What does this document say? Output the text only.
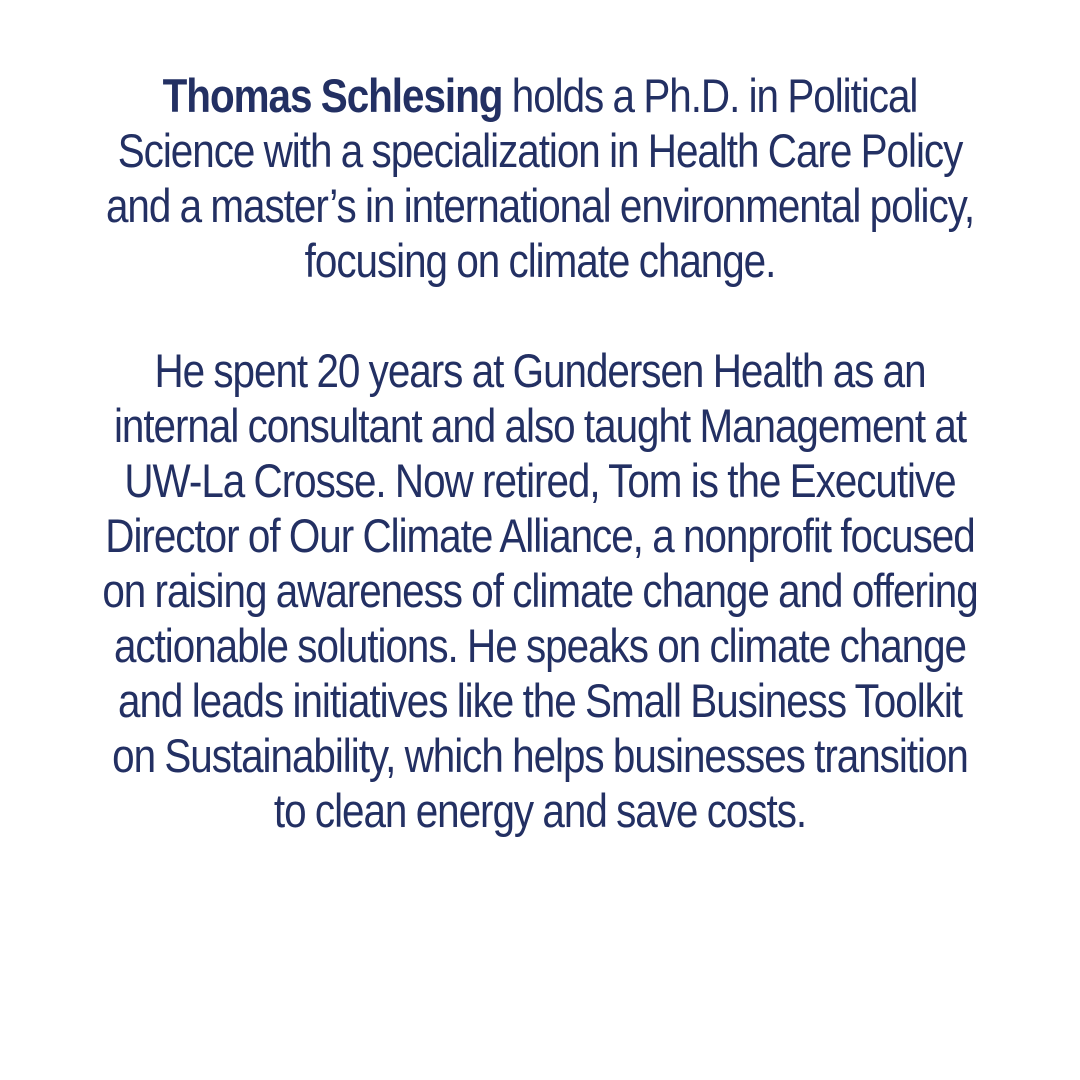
Thomas Schlesing holds a Ph.D. in Political Science with a specialization in Health Care Policy and a master’s in international environmental policy, focusing on climate change.

He spent 20 years at Gundersen Health as an internal consultant and also taught Management at UW-La Crosse. Now retired, Tom is the Executive Director of Our Climate Alliance, a nonprofit focused on raising awareness of climate change and offering actionable solutions. He speaks on climate change and leads initiatives like the Small Business Toolkit on Sustainability, which helps businesses transition to clean energy and save costs.
